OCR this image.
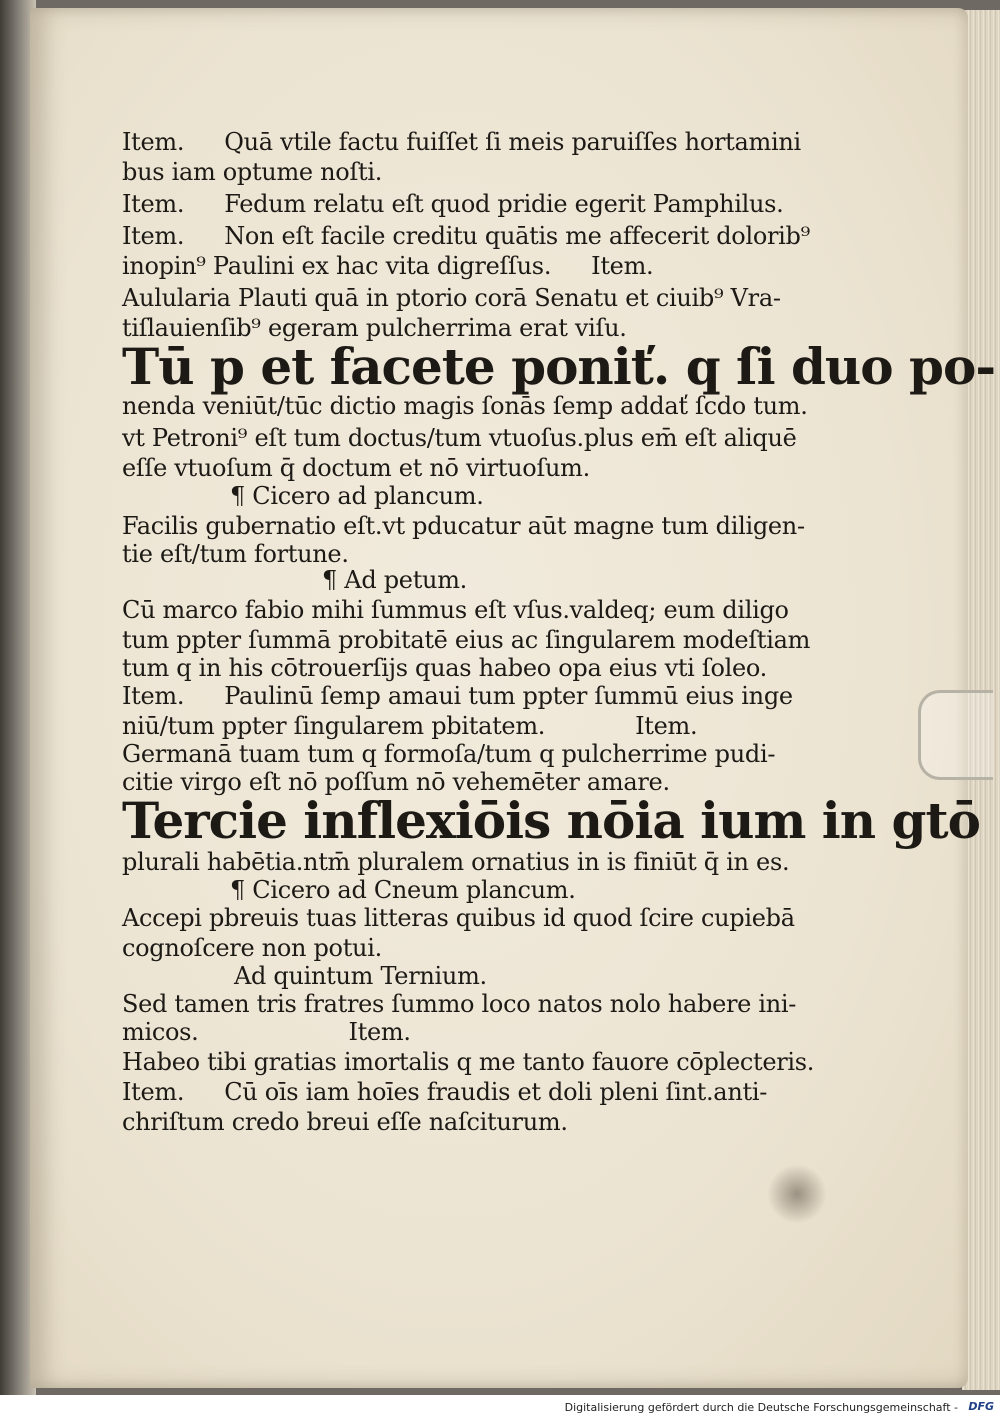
Item. Quā vtile factu fuiſſet ſi meis paruiſſes hortamini
bus iam optume noſti.
Item. Fedum relatu eſt quod pridie egerit Pamphilus.
Item. Non eſt facile creditu quātis me affecerit dolorib⁹
inopin⁹ Paulini ex hac vita digreſſus. Item.
Aulularia Plauti quā in ptorio corā Senatu et ciuib⁹ Vra-
tiſlauienſib⁹ egeram pulcherrima erat viſu.
Tū p et facete poniť. q ſi duo po-
nenda veniūt/tūc dictio magis ſonās ſemp addať ſcdo tum.
vt Petroni⁹ eſt tum doctus/tum vtuoſus.plus em̄ eſt aliquē
eſſe vtuoſum q̄ doctum et nō virtuoſum.
¶ Cicero ad plancum.
Facilis gubernatio eſt.vt pducatur aūt magne tum diligen-
tie eſt/tum fortune.
¶ Ad petum.
Cū marco fabio mihi ſummus eſt vſus.valdeq; eum diligo
tum ppter ſummā probitatē eius ac ſingularem modeſtiam
tum q in his cōtrouerſijs quas habeo opa eius vti ſoleo.
Item. Paulinū ſemp amaui tum ppter ſummū eius inge
niū/tum ppter ſingularem pbitatem.	Item.
Germanā tuam tum q formoſa/tum q pulcherrime pudi-
citie virgo eſt nō poſſum nō vehemēter amare.
Tercie inflexiōis nōia ium in gtō
plurali habētia.ntm̄ pluralem ornatius in is finiūt q̄ in es.
¶ Cicero ad Cneum plancum.
Accepi pbreuis tuas litteras quibus id quod ſcire cupiebā
cognoſcere non potui.
Ad quintum Ternium.
Sed tamen tris fratres ſummo loco natos nolo habere ini-
micos.	Item.
Habeo tibi gratias imortalis q me tanto fauore cōplecteris.
Item. Cū oīs iam hoīes fraudis et doli pleni ſint.anti-
chriſtum credo breui eſſe naſciturum.
Digitalisierung gefördert durch die Deutsche Forschungsgemeinschaft - DFG
